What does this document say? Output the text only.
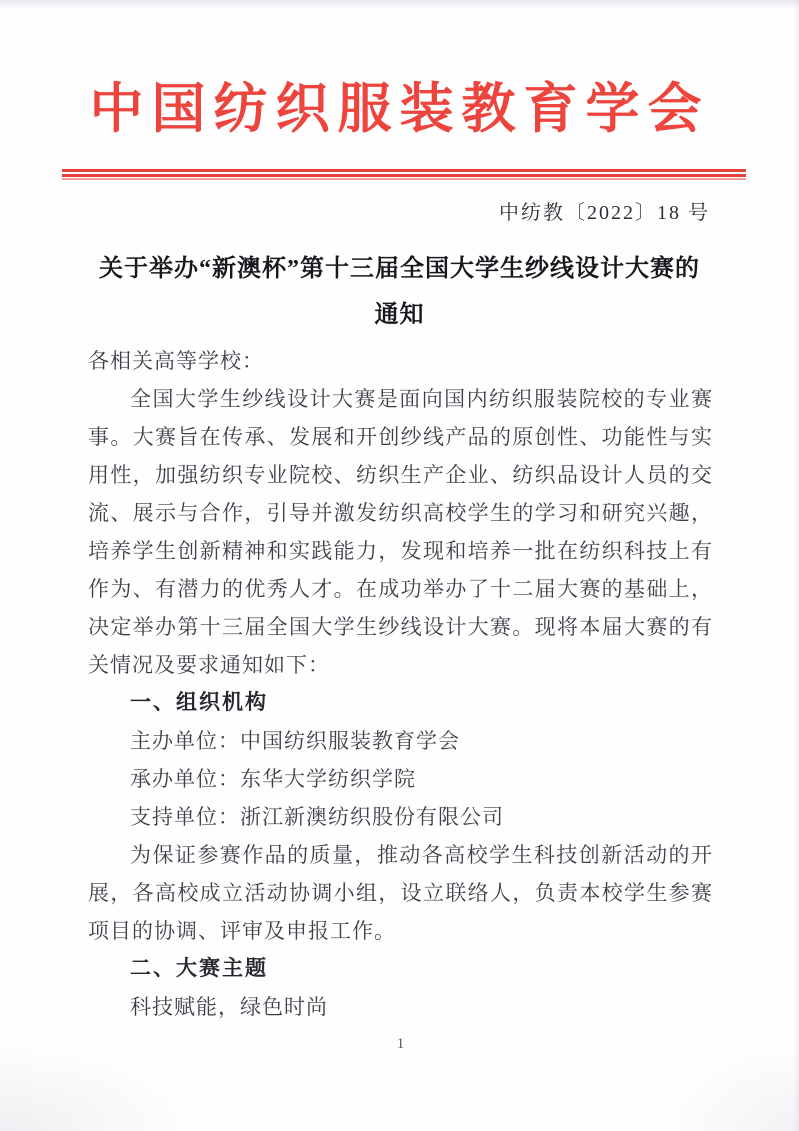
中国纺织服装教育学会
中纺教〔2022〕18 号
关于举办“新澳杯”第十三届全国大学生纱线设计大赛的
通知

各相关高等学校：

全国大学生纱线设计大赛是面向国内纺织服装院校的专业赛事。大赛旨在传承、发展和开创纱线产品的原创性、功能性与实用性，加强纺织专业院校、纺织生产企业、纺织品设计人员的交流、展示与合作，引导并激发纺织高校学生的学习和研究兴趣，培养学生创新精神和实践能力，发现和培养一批在纺织科技上有作为、有潜力的优秀人才。在成功举办了十二届大赛的基础上，决定举办第十三届全国大学生纱线设计大赛。现将本届大赛的有关情况及要求通知如下：

一、组织机构

主办单位：中国纺织服装教育学会

承办单位：东华大学纺织学院

支持单位：浙江新澳纺织股份有限公司

为保证参赛作品的质量，推动各高校学生科技创新活动的开展，各高校成立活动协调小组，设立联络人，负责本校学生参赛项目的协调、评审及申报工作。

二、大赛主题

科技赋能，绿色时尚

1
